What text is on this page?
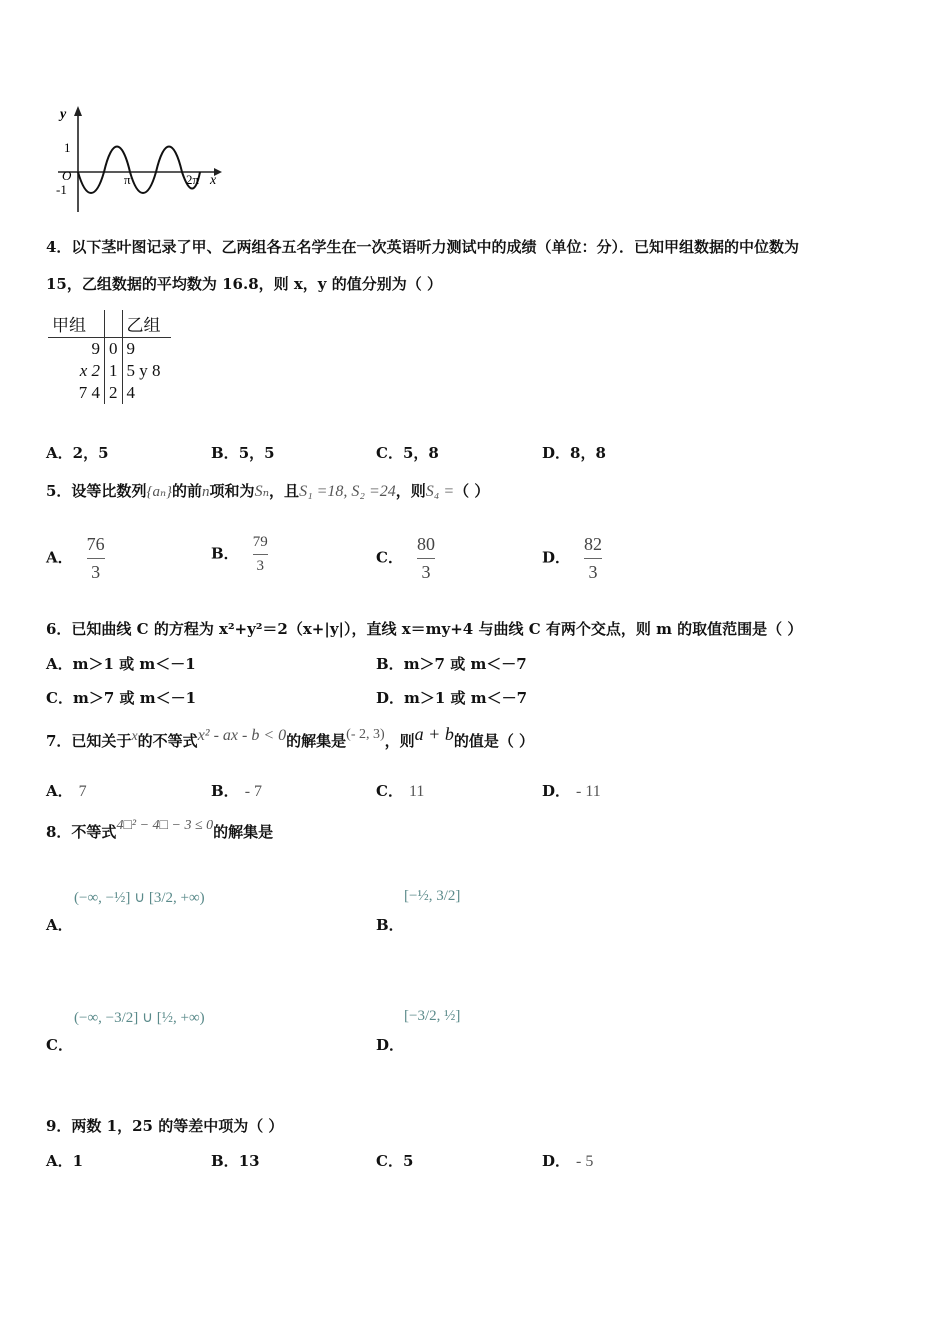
y
1
O
-1
π	2π x
4．以下茎叶图记录了甲、乙两组各五名学生在一次英语听力测试中的成绩（单位：分）．已知甲组数据的中位数为
15，乙组数据的平均数为 16.8，则 x，y 的值分别为（ ）
甲组		乙组
9	0	9
x 2	1	5 y 8
7 4	2	4
A．2，5	B．5，5	C．5，8	D．8，8
5．设等比数列{aₙ}的前n项和为Sₙ，且S₁ =18, S₂ =24，则S₄ =（ ）
A． $\frac{76}{3}$	B． $\frac{79}{3}$	C． $\frac{80}{3}$	D． $\frac{82}{3}$
6．已知曲线 C 的方程为 x²+y²＝2（x+|y|），直线 x＝my+4 与曲线 C 有两个交点，则 m 的取值范围是（ ）
A．m＞1 或 m＜－1	B．m＞7 或 m＜－7
C．m＞7 或 m＜－1	D．m＞1 或 m＜－7
7．已知关于x的不等式x² - ax - b < 0的解集是(- 2, 3)，则a + b的值是（ ）
A． 7	B． - 7	C． 11	D． - 11
8．不等式4□² − 4□ − 3 ≤ 0的解集是
(−∞, −½] ∪ [3/2, +∞)
A．
[−½, 3/2]
B．
(−∞, −3/2] ∪ [½, +∞)
C．
[−3/2, ½]
D．
9．两数 1，25 的等差中项为（ ）
A．1	B．13	C．5	D． - 5
